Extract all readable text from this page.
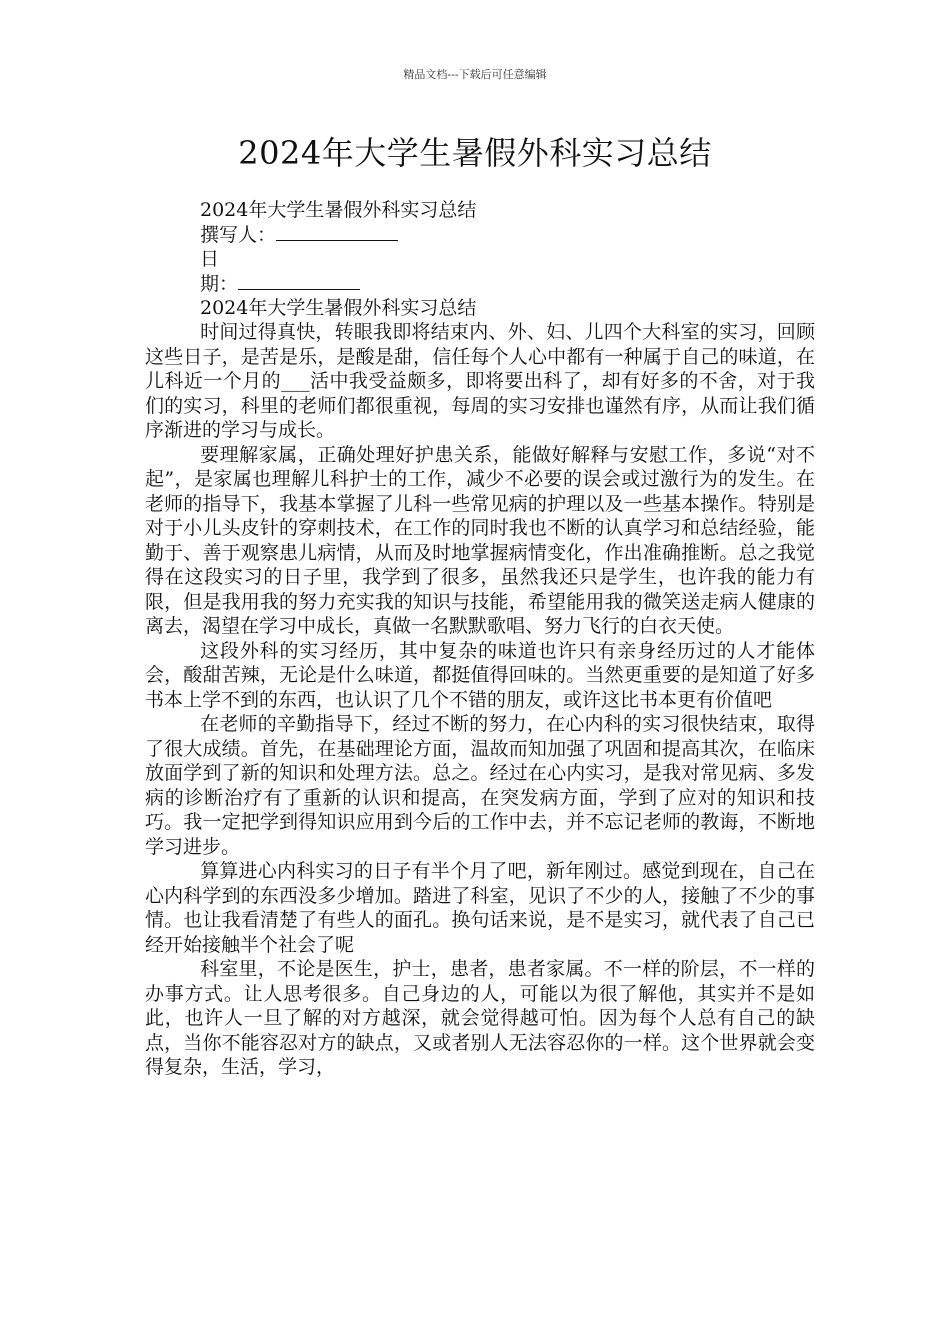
精品文档---下载后可任意编辑
2024年大学生暑假外科实习总结
2024年大学生暑假外科实习总结
撰写人：
日
期：
2024年大学生暑假外科实习总结

时间过得真快，转眼我即将结束内、外、妇、儿四个大科室的实习，回顾这些日子，是苦是乐，是酸是甜，信任每个人心中都有一种属于自己的味道，在儿科近一个月的___活中我受益颇多，即将要出科了，却有好多的不舍，对于我们的实习，科里的老师们都很重视，每周的实习安排也谨然有序，从而让我们循序渐进的学习与成长。

要理解家属，正确处理好护患关系，能做好解释与安慰工作，多说“对不起”，是家属也理解儿科护士的工作，减少不必要的误会或过激行为的发生。在老师的指导下，我基本掌握了儿科一些常见病的护理以及一些基本操作。特别是对于小儿头皮针的穿刺技术，在工作的同时我也不断的认真学习和总结经验，能勤于、善于观察患儿病情，从而及时地掌握病情变化，作出准确推断。总之我觉得在这段实习的日子里，我学到了很多，虽然我还只是学生，也许我的能力有限，但是我用我的努力充实我的知识与技能，希望能用我的微笑送走病人健康的离去，渴望在学习中成长，真做一名默默歌唱、努力飞行的白衣天使。

这段外科的实习经历，其中复杂的味道也许只有亲身经历过的人才能体会，酸甜苦辣，无论是什么味道，都挺值得回味的。当然更重要的是知道了好多书本上学不到的东西，也认识了几个不错的朋友，或许这比书本更有价值吧

在老师的辛勤指导下，经过不断的努力，在心内科的实习很快结束，取得了很大成绩。首先，在基础理论方面，温故而知加强了巩固和提高其次，在临床放面学到了新的知识和处理方法。总之。经过在心内实习，是我对常见病、多发病的诊断治疗有了重新的认识和提高，在突发病方面，学到了应对的知识和技巧。我一定把学到得知识应用到今后的工作中去，并不忘记老师的教诲，不断地学习进步。

算算进心内科实习的日子有半个月了吧，新年刚过。感觉到现在，自己在心内科学到的东西没多少增加。踏进了科室，见识了不少的人，接触了不少的事情。也让我看清楚了有些人的面孔。换句话来说，是不是实习，就代表了自己已经开始接触半个社会了呢

科室里，不论是医生，护士，患者，患者家属。不一样的阶层，不一样的办事方式。让人思考很多。自己身边的人，可能以为很了解他，其实并不是如此，也许人一旦了解的对方越深，就会觉得越可怕。因为每个人总有自己的缺点，当你不能容忍对方的缺点，又或者别人无法容忍你的一样。这个世界就会变得复杂，生活，学习，
